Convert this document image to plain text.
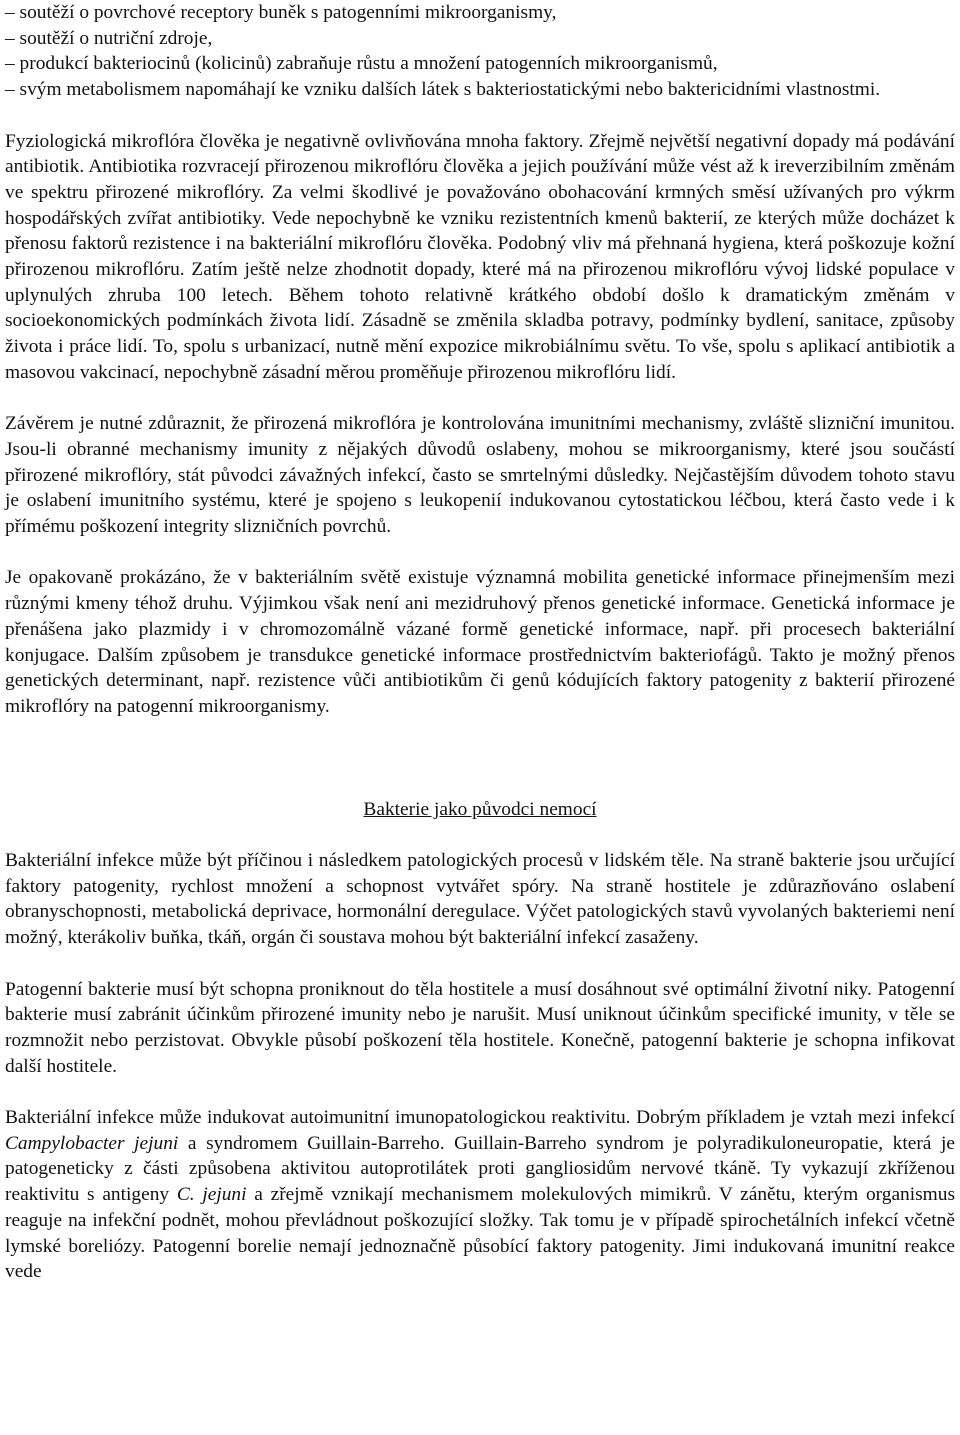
– soutěží o povrchové receptory buněk s patogenními mikroorganismy,
– soutěží o nutriční zdroje,
– produkcí bakteriocinů (kolicinů) zabraňuje růstu a množení patogenních mikroorganismů,
– svým metabolismem napomáhají ke vzniku dalších látek s bakteriostatickými nebo baktericidními vlastnostmi.

Fyziologická mikroflóra člověka je negativně ovlivňována mnoha faktory. Zřejmě největší negativní dopady má podávání antibiotik. Antibiotika rozvracejí přirozenou mikroflóru člověka a jejich používání může vést až k ireverzibilním změnám ve spektru přirozené mikroflóry. Za velmi škodlivé je považováno obohacování krmných směsí užívaných pro výkrm hospodářských zvířat antibiotiky. Vede nepochybně ke vzniku rezistentních kmenů bakterií, ze kterých může docházet k přenosu faktorů rezistence i na bakteriální mikroflóru člověka. Podobný vliv má přehnaná hygiena, která poškozuje kožní přirozenou mikroflóru. Zatím ještě nelze zhodnotit dopady, které má na přirozenou mikroflóru vývoj lidské populace v uplynulých zhruba 100 letech. Během tohoto relativně krátkého období došlo k dramatickým změnám v socioekonomických podmínkách života lidí. Zásadně se změnila skladba potravy, podmínky bydlení, sanitace, způsoby života i práce lidí. To, spolu s urbanizací, nutně mění expozice mikrobiálnímu světu. To vše, spolu s aplikací antibiotik a masovou vakcinací, nepochybně zásadní měrou proměňuje přirozenou mikroflóru lidí.

Závěrem je nutné zdůraznit, že přirozená mikroflóra je kontrolována imunitními mechanismy, zvláště slizniční imunitou. Jsou-li obranné mechanismy imunity z nějakých důvodů oslabeny, mohou se mikroorganismy, které jsou součástí přirozené mikroflóry, stát původci závažných infekcí, často se smrtelnými důsledky. Nejčastějším důvodem tohoto stavu je oslabení imunitního systému, které je spojeno s leukopenií indukovanou cytostatickou léčbou, která často vede i k přímému poškození integrity slizničních povrchů.

Je opakovaně prokázáno, že v bakteriálním světě existuje významná mobilita genetické informace přinejmenším mezi různými kmeny téhož druhu. Výjimkou však není ani mezidruhový přenos genetické informace. Genetická informace je přenášena jako plazmidy i v chromozomálně vázané formě genetické informace, např. při procesech bakteriální konjugace. Dalším způsobem je transdukce genetické informace prostřednictvím bakteriofágů. Takto je možný přenos genetických determinant, např. rezistence vůči antibiotikům či genů kódujících faktory patogenity z bakterií přirozené mikroflóry na patogenní mikroorganismy.

Bakterie jako původci nemocí

Bakteriální infekce může být příčinou i následkem patologických procesů v lidském těle. Na straně bakterie jsou určující faktory patogenity, rychlost množení a schopnost vytvářet spóry. Na straně hostitele je zdůrazňováno oslabení obranyschopnosti, metabolická deprivace, hormonální deregulace. Výčet patologických stavů vyvolaných bakteriemi není možný, kterákoliv buňka, tkáň, orgán či soustava mohou být bakteriální infekcí zasaženy.

Patogenní bakterie musí být schopna proniknout do těla hostitele a musí dosáhnout své optimální životní niky. Patogenní bakterie musí zabránit účinkům přirozené imunity nebo je narušit. Musí uniknout účinkům specifické imunity, v těle se rozmnožit nebo perzistovat. Obvykle působí poškození těla hostitele. Konečně, patogenní bakterie je schopna infikovat další hostitele.

Bakteriální infekce může indukovat autoimunitní imunopatologickou reaktivitu. Dobrým příkladem je vztah mezi infekcí Campylobacter jejuni a syndromem Guillain-Barreho. Guillain-Barreho syndrom je polyradikuloneuropatie, která je patogeneticky z části způsobena aktivitou autoprotilátek proti gangliosidům nervové tkáně. Ty vykazují zkříženou reaktivitu s antigeny C. jejuni a zřejmě vznikají mechanismem molekulových mimikrů. V zánětu, kterým organismus reaguje na infekční podnět, mohou převládnout poškozující složky. Tak tomu je v případě spirochetálních infekcí včetně lymské boreliózy. Patogenní borelie nemají jednoznačně působící faktory patogenity. Jimi indukovaná imunitní reakce vede
